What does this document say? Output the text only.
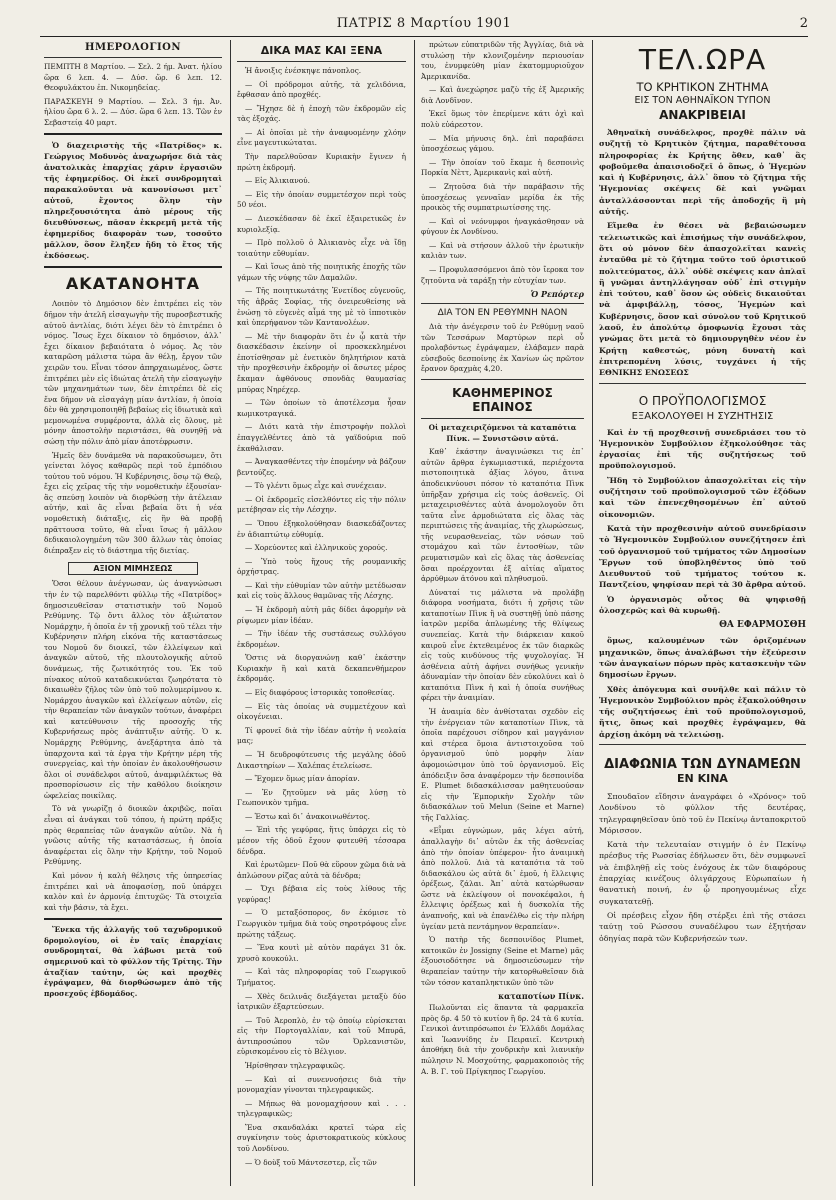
ΠΑΤΡΙΣ 8 Μαρτίου 1901	2
ΗΜΕΡΟΛΟΓΙΟΝ

ΠΕΜΠΤΗ 8 Μαρτίου. — Σελ. 2 ήμ. Ἀνατ. ἡλίου ὥρα 6 λεπ. 4. — Δύσ. ὥρ. 6 λεπ. 12. Θεοφυλάκτου ἐπ. Νικομηδείας.

ΠΑΡΑΣΚΕΥΗ 9 Μαρτίου. — Σελ. 3 ήμ. Ἀν. ἡλίου ὥρα 6 λ. 2. — Δύσ. ὥρα 6 λεπ. 13. Τῶν ἐν Σεβαστείᾳ 40 μαρτ.

Ὁ διαχειριστὴς τῆς «Πατρίδος» κ. Γεώργιος Μοδυνὸς ἀναχωρήσε διὰ τὰς ἀνατολικὰς ἐπαρχίας χάριν ἐργασιῶν τῆς ἐφημερίδος. Οἱ ἐκεῖ συνδρομηταὶ παρακαλοῦνται νὰ κανονίσωσι μετ᾽ αὐτοῦ, ἔχοντος ὅλην τὴν πληρεξουσιότητα ἀπὸ μέρους τῆς διευθύνσεως, πᾶσαν ἐκκρεμῆ μετὰ τῆς ἐφημερίδος διαφορὰν των, τοσοῦτο μᾶλλον, ὅσον ἔληξεν ἤδη τὸ ἔτος τῆς ἐκδόσεως.

ΑΚΑΤΑΝΟΗΤΑ

Λοιπὸν τὸ Δημόσιον δὲν ἐπιτρέπει εἰς τὸν δῆμον τὴν ἀτελῆ εἰσαγωγὴν τῆς πυροσβεστικῆς αὐτοῦ ἀντλίας, διότι λέγει δὲν τὸ ἐπιτρέπει ὁ νόμος. Ἴσως ἔχει δίκαιον τὸ δημόσιον, ἀλλ᾽ ἔχει δίκαιον βεβαιότατα ὁ νόμος. Ἀς τὸν καταρῶση μάλιστα τώρα ἂν θέλῃ, ἔργον τῶν χειρῶν του. Εἶναι τόσον ἀπηρχαιωμένος, ὥστε ἐπιτρέπει μὲν εἰς ἰδιώτας ἀτελῆ τὴν εἰσαγωγὴν τῶν μηχανημάτων των, δὲν ἐπιτρέπει δὲ εἰς ἕνα δῆμον νὰ εἰσαγάγῃ μίαν ἀντλίαν, ἡ ὁποία δὲν θὰ χρησιμοποιηθῇ βεβαίως εἰς ἰδιωτικὰ καὶ μεμονωμένα συμφέροντα, ἀλλὰ εἰς ὅλους, μὲ μόνην ἀποστολὴν περιστάσει, θὰ συνηθῇ νὰ σώσῃ τὴν πόλιν ἀπὸ μίαν ἀποτέφρωσιν.

Ἡμεῖς δὲν δυνάμεθα νὰ παρακοῦσωμεν, ὅτι γείνεται λόγος καθαρῶς περὶ τοῦ ἐμπόδιου τούτου τοῦ νόμου. Ἡ Κυβέρνησις, ὅσῳ τῷ Θεῷ, ἔχει εἰς χεῖρας τῆς τὴν νομοθετικὴν ἐξουσίαν· ἂς σπεύσῃ λοιπὸν νὰ διορθώσῃ τὴν ἀτέλειαν αὐτήν, καὶ ἂς εἶναι βεβαία ὅτι ἡ νέα νομοθετικὴ διάταξις, εἰς ἣν θὰ προβῇ πρᾶττουσα τοῦτο, θὰ εἶναι ἴσως ἡ μᾶλλον δεδικαιολογημένη τῶν 300 ἄλλων τὰς ὁποίας διέπραξεν εἰς τὸ διάστημα τῆς διετίας.

ΑΞΙΟΝ ΜΙΜΗΣΕΩΣ

Ὅσοι θέλουν ἀνέγνωσαν, ὡς ἀναγνώσωσι τὴν ἐν τῷ παρελθόντι φύλλῳ τῆς «Πατρίδος» δημοσιευθεῖσαν στατιστικὴν τοῦ Νομοῦ Ρεθύμνης. Τῷ ὄντι ἄλλος τὸν ἀξιώτατον Νομάρχην, ἡ ὁποῖα ἐν τῇ χρονικῇ τοῦ τέλει τὴν Κυβέρνησιν πλήρη εἰκόνα τῆς καταστάσεως του Νομοῦ δν διοικεῖ, τῶν ἐλλείψεων καὶ ἀναγκῶν αὐτοῦ, τῆς πλουτολογικῆς αὐτοῦ δυνάμεως, τῆς ζωτικότητός του. Ἐκ τοῦ πίνακος αὐτοῦ καταδεικνύεται ζωηρότατα τὸ δικαιωθὲν ζῆλος τῶν ὑπὸ τοῦ πολυμερίμνου κ. Νομάρχου ἀναγκῶν καὶ ἐλλείψεων αὐτῶν, εἰς τὴν θεραπείαν τῶν ἀναγκῶν τούτων, ἀναφέρει καὶ κατεύθυνσιν τῆς προσοχῆς τῆς Κυβερνήσεως πρὸς ἀνάπτυξιν αὐτῆς. Ὁ κ. Νομάρχης Ρεθύμνης, ἀνεξάρτητα ἀπὸ τὰ ὑπαρχοντα καὶ τὰ ἐργα τὴν Κρήτην μέρη τῆς συνεργείας, καὶ τὴν ὁποίαν ἐν ἀκολουθήσωσιν ὅλοι οἱ συνάδελφοι αὐτοῦ, ἀναμφιλέκτως θὰ προσπορίσωσιν εἰς τὴν καθόλου διοίκησιν ὠφελείας ποικίλας.

Τὸ νὰ γνωρίζῃ ὁ διοικῶν ἀκριβῶς, ποῖαι εἶναι αἱ ἀνάγκαι τοῦ τόπου, ἡ πρώτη πράξις πρὸς θεραπείας τῶν ἀναγκῶν αὐτῶν. Νὰ ἡ γνῶσις αὐτῆς τῆς καταστάσεως, ἡ ὁποία ἀναφέρεται εἰς ὅλην τὴν Κρήτην, τοῦ Νομοῦ Ρεθύμνης.

Καὶ μόνον ἡ καλὴ θέλησις τῆς ὑπηρεσίας ἐπιτρέπει καὶ νὰ ἀποφασίσῃ, ποῦ ὑπάρχει καλὸν καὶ ἐν ἀρμονίᾳ ἐπιτυχῶς· Τὰ στοιχεῖα καὶ τὴν βάσιν, τὰ ἔχει.

Ἕνεκα τῆς ἀλλαγῆς τοῦ ταχυδρομικοῦ δρομολογίου, οἱ ἐν ταῖς ἐπαρχίαις συνδρομηταί, θὰ λάβωσι μετὰ τοῦ σημερινοῦ καὶ τὸ φύλλον τῆς Τρίτης. Τὴν ἀταξίαν ταύτην, ὡς καὶ προχθὲς ἐγράψαμεν, θὰ διορθώσωμεν ἀπὸ τῆς προσεχοῦς ἑβδομάδος.

ΔΙΚΑ ΜΑΣ ΚΑΙ ΞΕΝΑ

Ἡ ἄνοιξις ἐνέσκηψε πάνοπλος.

— Οἱ πρόδρομοι αὐτῆς, τὰ χελιδόνια, ἔφθασαν ἀπὸ προχθές.

— Ἤχησε δὲ ἡ ἐποχὴ τῶν ἐκδρομῶν εἰς τὰς ἐξοχάς.

— Αἱ ὁποῖαι μὲ τὴν ἀναφυομένην χλόην εἶνε μαγευτικώταται.

Τὴν παρελθοῦσαν Κυριακὴν ἔγινεν ἡ πρώτη ἐκδρομή.

— Εἰς Ἀλικιανού.

— Εἰς τὴν ὁποίαν συμμετέσχον περὶ τοὺς 50 νέοι.

— Διεσκέδασαν δὲ ἐκεῖ ἐξαιρετικῶς ἐν κυριολεξίᾳ.

— Πρὸ πολλοῦ ὁ Ἀλικιανὸς εἶχε νὰ ἴδῃ τοιαύτην εὔθυμίαν.

— Καὶ ἴσως ἀπὸ τῆς ποιητικῆς ἐποχῆς τῶν γάμων τῆς νύφης τῶν Δαμαλῶν.

— Τῆς ποιητικωτάτης Ἐνετίδος εὐγενοῦς, τῆς ἁβρᾶς Σοφίας, τῆς ὀνειρευθείσης νὰ ἑνώσῃ τὸ εὐγενὲς αἷμά της μὲ τὸ ἱπποτικὸν καὶ ὑπερήφανον τῶν Καντανολέων.

— Μὲ τὴν διαφορὰν ὅτι ἐν ᾧ κατὰ τὴν διασκέδασιν ἐκείνην οἱ προσκεκλημένοι ἐποτίσθησαν μὲ ἐνετικὸν δηλητήριον κατὰ τὴν προχθεσινὴν ἐκδρομὴν οἱ ἄσωτες μέρος ἔκαμαν ἀφθόνους σπονδὰς θαυμασίας μπύρας Νηρέχερ.

— Τῶν ὁποίων τὸ ἀποτέλεσμα ἦσαν κωμικοτραγικά.

— Διότι κατὰ τὴν ἐπιστροφὴν πολλοὶ ἐπαγγελθέντες ἀπὸ τὰ γαϊδούρια ποῦ ἐκαθάλισαν.

— Ἀναγκασθέντες τὴν ἑπομένην νὰ βάζουν βεντούζες.

— Τὸ γλέντι ὅμως εἶχε καὶ συνέχειαν.

— Οἱ ἐκδρομεῖς εἰσελθόντες εἰς τὴν πόλιν μετέβησαν εἰς τὴν Λέσχην.

— Ὅπου ἐξηκολούθησαν διασκεδάζοντες ἐν ἀδιαπτώτῳ εὐθυμίᾳ.

— Χορεύοντες καὶ ἑλληνικοὺς χορούς.

— Ὑπὸ τοὺς ἤχους τῆς ρουμανικῆς ὀρχήστρας.

— Καὶ τὴν εὐθυμίαν τῶν αὐτὴν μετέδωσαν καὶ εἰς τοὺς ἄλλους θαμῶνας τῆς Λέσχης.

— Ἡ ἐκδρομὴ αὐτὴ μᾶς δίδει ἀφορμὴν νὰ ρίψωμεν μίαν ἰδέαν.

— Τὴν ἰδέαν τῆς συστάσεως συλλόγου ἐκδρομέων.

Ὅστις νὰ διοργανώνῃ καθ᾽ ἑκάστην Κυριακὴν ἢ καὶ κατὰ δεκαπενθήμερον ἐκδρομάς.

— Εἰς διαφόρους ἱστορικὰς τοποθεσίας.

— Εἰς τὰς ὁποίας νὰ συμμετέχουν καὶ οἰκογένειαι.

Τί φρονεῖ διὰ τὴν ἰδέαν αὐτὴν ἡ νεολαία μας;

— Ἡ δευδροφύτευσις τῆς μεγάλης ὁδοῦ Δικαστηρίων — Χαλέπας ἐτελείωσε.

— Ἔχομεν ὅμως μίαν ἀπορίαν.

— Ἐν ζητοῦμεν νὰ μᾶς λύσῃ τὸ Γεωπονικὸν τμῆμα.

— Ἐστω καὶ δι᾽ ἀνακοινωθέντος.

— Ἐπὶ τῆς γεφύρας, ἥτις ὑπάρχει εἰς τὸ μέσον τῆς ὁδοῦ ἔχουν φυτευθῆ τέσσαρα δένδρα.

Καὶ ἐρωτῶμεν· Ποῦ θὰ εὕρουν χῶμα διὰ νὰ ἀπλώσουν ρίζας αὐτὰ τὰ δένδρα;

— Ὄχι βέβαια εἰς τοὺς λίθους τῆς γεφύρας!

— Ὁ μεταξόσπορος, δν ἐκόμισε τὸ Γεωργικὸν τμῆμα διὰ τοὺς σηροτρόφους εἶνε πρώτης τάξεως.

— Ἕνα κουτὶ μὲ αὐτὸν παράγει 31 ὀκ. χρυσὸ κουκούλι.

— Καὶ τὰς πληροφορίας τοῦ Γεωργικοῦ Τμήματος.

— Χθὲς δειλινᾶς διεξάγεται μεταξὺ δύο ἰατρικῶν ἐξαρτεύσεων.

— Τοῦ Ἀεροπλὸ, ἐν τῷ ὁποίῳ εὑρίσκεται εἰς τὴν Πορτογαλλίαν, καὶ τοῦ Μπυρᾶ, ἀντιπροσώπου τῶν Ὀρλεανιστῶν, εὑρισκομένου εἰς τὸ Βέλγιον.

Ἠρίσθησαν τηλεγραφικῶς.

— Καὶ αἱ συνεννοήσεις διὰ τὴν μονομαχίαν γίνονται τηλεγραφικῶς.

— Μήπως θὰ μονομαχήσουν καὶ . . . τηλεγραφικῶς;

Ἕνα σκανδαλάκι κρατεῖ τώρα εἰς συγκίνησιν τοὺς ἀριστοκρατικοὺς κύκλους τοῦ Λονδίνου.

— Ὁ δοὺξ τοῦ Μάντσεστερ, εἷς τῶν

πρώτων εὐπατριδῶν τῆς Ἀγγλίας, διὰ νὰ στυλώσῃ τὴν κλονιζομένην περιουσίαν του, ἐνυμφεύθη μίαν ἑκατομμυριοῦχον Ἀμερικανίδα.

— Καὶ ἀνεχώρησε μαζὺ τῆς ἐξ Ἀμερικῆς διὰ Λονδῖνον.

Ἐκεῖ ὅμως τὸν ἐπερίμενε κάτι ὀχὶ καὶ πολὺ εὐάρεστον.

— Μία μήνυσις δηλ. ἐπὶ παραβάσει ὑποσχέσεως γάμου.

— Τὴν ὁποίαν τοῦ ἔκαμε ἡ δεσποινὶς Πορκία Νὲττ, Ἀμερικανὶς καὶ αὐτή.

— Ζητοῦσα διὰ τὴν παράβασιν τῆς ὑποσχέσεως γενναῖαν μερίδα ἐκ τῆς προικὸς τῆς συμπατριωτίσσης της.

— Καὶ οἱ νεόνυμφοι ἠναγκάσθησαν νὰ φύγουν ἐκ Λονδίνου.

— Καὶ νὰ στήσουν ἀλλοῦ τὴν ἐρωτικὴν καλιὰν των.

— Προφυλασσόμενοι ἀπὸ τὸν ἴεροκα τον ζητοῦντα νὰ ταράξῃ τὴν εὐτυχίαν των.

Ὁ Ρεπόρτερ
ΔΙΑ ΤΟΝ ΕΝ ΡΕΘΥΜΝΗ ΝΑΟΝ

Διὰ τὴν ἀνέγερσιν τοῦ ἐν Ρεθύμνῃ ναοῦ τῶν Τεσσάρων Μαρτύρων περὶ οὗ προλαβόντως ἐγράψαμεν, ἐλάβαμεν παρὰ εὐσεβοῦς δεσποίνης ἐκ Χανίων ὡς πρῶτον ἔρανον δραχμὰς 4,20.

ΚΑΘΗΜΕΡΙΝΟΣ ΕΠΑΙΝΟΣ

Οἱ μεταχειριζόμενοι τὰ καταπότια Πίνκ. — Συνιστῶσιν αὐτά.

Καθ᾽ ἑκάστην ἀναγινώσκει τις ἐπ᾽ αὐτῶν ἄρθρα ἐγκωμιαστικά, περιέχοντα πιστοποιητικὰ ἀξίας λόγου, ἅτινα ἀποδεικνύουσι πόσον τὸ καταπότια Πὶνκ ὑπῆρξαν χρήσιμα εἰς τοὺς ἀσθενεῖς. Οἱ μεταχειρισθέντες αὐτὰ ἀνομολογοῦν ὅτι ταῦτα εἶνε ἀρμοδιώτατα εἰς ὅλας τὰς περιπτώσεις τῆς ἀναιμίας, τῆς χλωρώσεως, τῆς νευρασθενείας, τῶν νόσων τοῦ στομάχου καὶ τῶν ἐντοσθίων, τῶν ρευματισμῶν καὶ εἰς ὅλας τὰς ἀσθενείας ὅσαι προέρχονται ἐξ αἰτίας αἵματος ἀρρύθμων ἀτόνου καὶ πληθυσμοῦ.

Δύναταί τις μάλιστα νὰ προλάβῃ διάφορα νοσήματα, διότι ἡ χρῆσις τῶν καταποτίων Πὶνκ ἢ νὰ συστηθῇ ὑπὸ πάσης ἰατρῶν μερίδα ἀπλωμένης τῆς θλίψεως συνεπείας. Κατὰ τὴν διάρκειαν κακοῦ καιροῦ εἶνε ἐκτεθειμένος ἐκ τῶν διαρκῶς εἰς τοὺς κινδύνους τῆς ψυχολογίας. Ἡ ἀσθένεια αὐτὴ ἀφήνει συνήθως γενικὴν ἀδυναμίαν τὴν ὁποίαν δὲν εὐκολύνει καὶ ὁ καταπότια Πὶνκ ἡ καὶ ἡ ὁποία συνήθως φέρει τὴν ἀναιμίαν.

Ἡ ἀναιμία δὲν ἀνθίσταται σχεδὸν εἰς τὴν ἐνέργειαν τῶν καταποτίων Πὶνκ, τὰ ὁποῖα παρέχουσι σίδηρον καὶ μαγγάνιον καὶ στέρεα ὅμοια ἀντιστοιχοῦσα τοῦ ὀργανισμοῦ ὑπὸ μορφὴν λίαν ἀφομοιώσιμον ὑπὸ τοῦ ὀργανισμοῦ. Εἰς ἀπόδειξιν ὅσα ἀναφέρομεν τὴν δεσποινίδα E. Plumet διδασκάλισσαν μαθητευούσαν εἰς τὴν Ἐμπορικὴν Σχολὴν τῶν διδασκάλων τοῦ Melun (Seine et Marne) τῆς Γαλλίας.

«Εἶμαι εὐγνώμων, μᾶς λέγει αὐτή, ἀπαλλαγὴν δι᾽ αὐτῶν ἐκ τῆς ἀσθενείας ἀπὸ τὴν ὁποίαν ὑπέφερον· ἦτο ἀναιμικὴ ἀπὸ πολλοῦ. Διὰ τὰ καταπότια τὰ τοῦ διδασκάλου ὡς αὐτὰ δι᾽ ἐμοῦ, ἡ ἔλλειψις ὀρέξεως, ζάλαι. Ἀπ᾽ αὐτὰ κατώρθωσαν ὥστε νὰ ἐκλείψουν οἱ πονοκέφαλοι, ἡ ἔλλειψις ὀρέξεως καὶ ἡ δυσκολία τῆς ἀναπνοῆς, καὶ νὰ ἐπανέλθω εἰς τὴν πλήρη ὑγείαν μετὰ πεντάμηνον θεραπείαν».

Ὁ πατὴρ τῆς δεσποινίδος Plumet, κατοικῶν ἐν Jossigny (Seine et Marne) μᾶς ἐξουσιοδότησε νὰ δημοσιεύσωμεν τὴν θεραπείαν ταύτην τὴν κατορθωθεῖσαν διὰ τῶν τόσον καταπληκτικῶν ὑπὸ τῶν

καταποτίων Πίνκ.

Πωλοῦνται εἰς ἅπαντα τὰ φαρμακεῖα πρὸς δρ. 4 50 τὸ κυτίον ἢ δρ. 24 τὰ 6 κυτία. Γενικοὶ ἀντιπρόσωποι ἐν Ἑλλάδι Δομάλας καὶ Ἰωαννίδης ἐν Πειραιεῖ. Κεντρικὴ ἀποθήκη διὰ τὴν χονδρικὴν καὶ λιανικὴν πώλησιν N. Μοσχούτης, φαρμακοποιὸς τῆς Α. Β. Γ. τοῦ Πρίγκηπος Γεωργίου.

ΤΕΛ.ΩΡΑ
ΤΟ ΚΡΗΤΙΚΟΝ ΖΗΤΗΜΑ
ΕΙΣ ΤΟΝ ΑΘΗΝΑΪΚΟΝ ΤΥΠΟΝ
ΑΝΑΚΡΙΒΕΙΑΙ

Ἀθηναϊκὴ συνάδελφος, προχθὲ πάλιν νὰ συζητῇ τὸ Κρητικὸν ζήτημα, παραθέτουσα πληροφορίας ἐκ Κρήτης ὅθεν, καθ᾽ ἃς φοβοῦμεθα ἀπαισιοδοξεῖ ὁ ὅπως, ὁ Ἡγεμὼν καὶ ἡ Κυβέρνησις, ἀλλ᾽ ὅπου τὸ ζήτημα τῆς Ἡγεμονίας σκέψεις δὲ καὶ γνῶμαι ἀνταλλάσσονται περὶ τῆς ἀποδοχῆς ἢ μὴ αὐτῆς.

Εἴμεθα ἐν θέσει νὰ βεβαιώσωμεν τελειωτικῶς καὶ ἐπισήμως τὴν συνάδελφον, ὅτι οὐ μόνον δὲν ἀπασχολεῖται κανεὶς ἐνταῦθα μὲ τὸ ζήτημα τοῦτο τοῦ ὁριστικοῦ πολιτεύματος, ἀλλ᾽ οὐδὲ σκέψεις καν ἀπλαῖ ἢ γνῶμαι ἀντηλλάγησαν οὐδ᾽ ἐπὶ στιγμὴν ἐπὶ τούτου, καθ᾽ ὅσον ὡς οὐδεὶς δικαιοῦται νὰ ἀμφιβάλλῃ, τόσος, Ἡγεμὼν καὶ Κυβέρνησις, ὅσον καὶ σύνολον τοῦ Κρητικοῦ λαοῦ, ἐν ἀπολύτῳ ὁμοφωνίᾳ ἔχουσι τὰς γνώμας ὅτι μετὰ τὸ δημιουργηθὲν νέον ἐν Κρήτῃ καθεστώς, μόνη δυνατὴ καὶ ἐπιτρεπομένη λύσις, τυγχάνει ἡ τῆς ΕΘΝΙΚΗΣ ΕΝΩΣΕΩΣ

Ο ΠΡΟΫΠΟΛΟΓΙΣΜΟΣ
ΕΞΑΚΟΛΟΥΘΕΙ Η ΣΥΖΗΤΗΣΙΣ

Καὶ ἐν τῇ προχθεσινῇ συνεδριάσει του τὸ Ἡγεμονικὸν Συμβούλιον ἐξηκολούθησε τὰς ἐργασίας ἐπὶ τῆς συζητήσεως τοῦ προϋπολογισμοῦ.

Ἤδη τὸ Συμβούλιον ἀπασχολεῖται εἰς τὴν συζήτησιν τοῦ προϋπολογισμοῦ τῶν ἐξόδων καὶ τῶν ἐπενεχθησομένων ἐπ᾽ αὐτοῦ οἰκονομιῶν.

Κατὰ τὴν προχθεσινὴν αὐτοῦ συνεδρίασιν τὸ Ἡγεμονικὸν Συμβούλιον συνεζήτησεν ἐπὶ τοῦ ὀργανισμοῦ τοῦ τμήματος τῶν Δημοσίων Ἔργων τοῦ ὑποβληθέντος ὑπὸ τοῦ Διευθυντοῦ τοῦ τμήματος τούτου κ. Παντζείου, ψηφίσαν περὶ τὰ 30 ἄρθρα αὐτοῦ.

Ὁ ὀργανισμὸς οὗτος θὰ ψηφισθῇ ὁλοσχερῶς καὶ θὰ κυρωθῇ.

ΘΑ ΕΦΑΡΜΟΣΘΗ

ὅμως, καλουμένων τῶν ὁριζομένων μηχανικῶν, ὅπως ἀναλάβωσι τὴν ἐξεύρεσιν τῶν ἀναγκαίων πόρων πρὸς κατασκευὴν τῶν δημοσίων ἔργων.

Χθὲς ἀπόγευμα καὶ συνῆλθε καὶ πάλιν τὸ Ἡγεμονικὸν Συμβούλιον πρὸς ἐξακολούθησιν τῆς συζητήσεως ἐπὶ τοῦ προϋπολογισμοῦ, ἥτις, ὅπως καὶ προχθὲς ἐγράψαμεν, θὰ ἀρχίσῃ ἀκόμη νὰ τελειώσῃ.

ΔΙΑΦΩΝΙΑ ΤΩΝ ΔΥΝΑΜΕΩΝ
ΕΝ ΚΙΝΑ

Σπουδαῖον εἴδησιν ἀναγράφει ὁ «Χρόνος» τοῦ Λονδίνου τὸ φύλλον τῆς δευτέρας, τηλεγραφηθεῖσαν ὑπὸ τοῦ ἐν Πεκίνῳ ἀνταποκριτοῦ Μόρισσον.

Κατὰ τὴν τελευταίαν στιγμήν ὁ ἐν Πεκίνῳ πρέσβυς τῆς Ρωσσίας ἐδήλωσεν ὅτι, δὲν συμφωνεῖ νὰ ἐπιβληθῇ εἰς τοὺς ἐνόχους ἐκ τῶν διαφόρους ἐπαρχίας κινέζους ὀλιγάρχους Εὐρωπαίων ἡ θανατικὴ ποινή, ἐν ᾧ προηγουμένως εἶχε συγκατατεθῇ.

Οἱ πρέσβεις εἶχον ἤδη στέρξει ἐπὶ τῆς στάσει ταύτῃ τοῦ Ρώσσου συναδέλφου των ἐξητήσαν ὁδηγίας παρὰ τῶν Κυβερνήσεών των.
